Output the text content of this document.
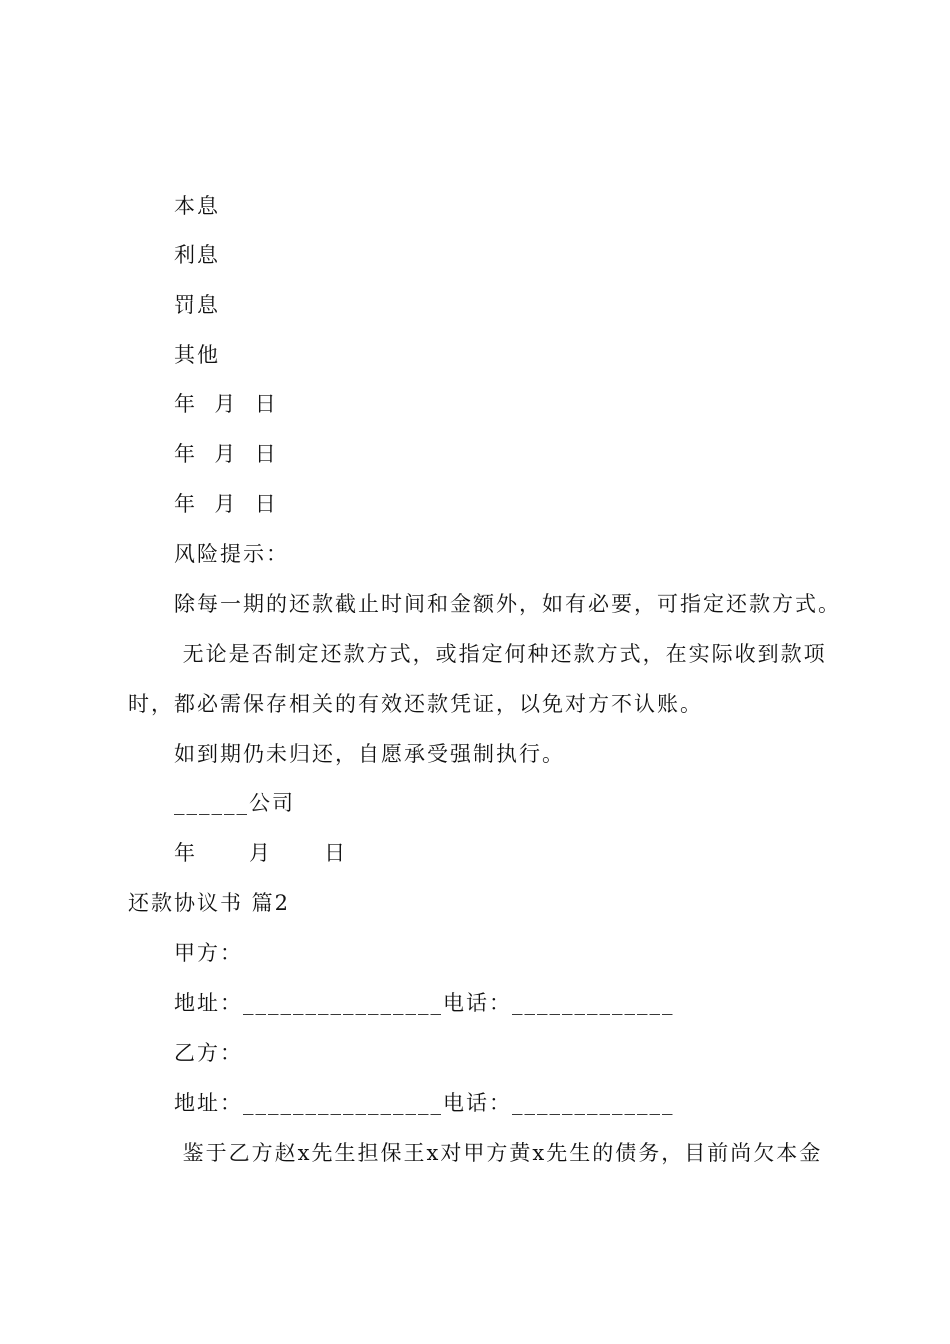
本息
利息
罚息
其他
年  月  日
年  月  日
年  月  日
风险提示：
除每一期的还款截止时间和金额外，如有必要，可指定还款方式。
无论是否制定还款方式，或指定何种还款方式，在实际收到款项
时，都必需保存相关的有效还款凭证，以免对方不认账。
如到期仍未归还，自愿承受强制执行。
______公司
年      月      日
还款协议书 篇2
甲方：
地址：________________电话：_____________
乙方：
地址：________________电话：_____________
鉴于乙方赵x先生担保王x对甲方黄x先生的债务，目前尚欠本金
